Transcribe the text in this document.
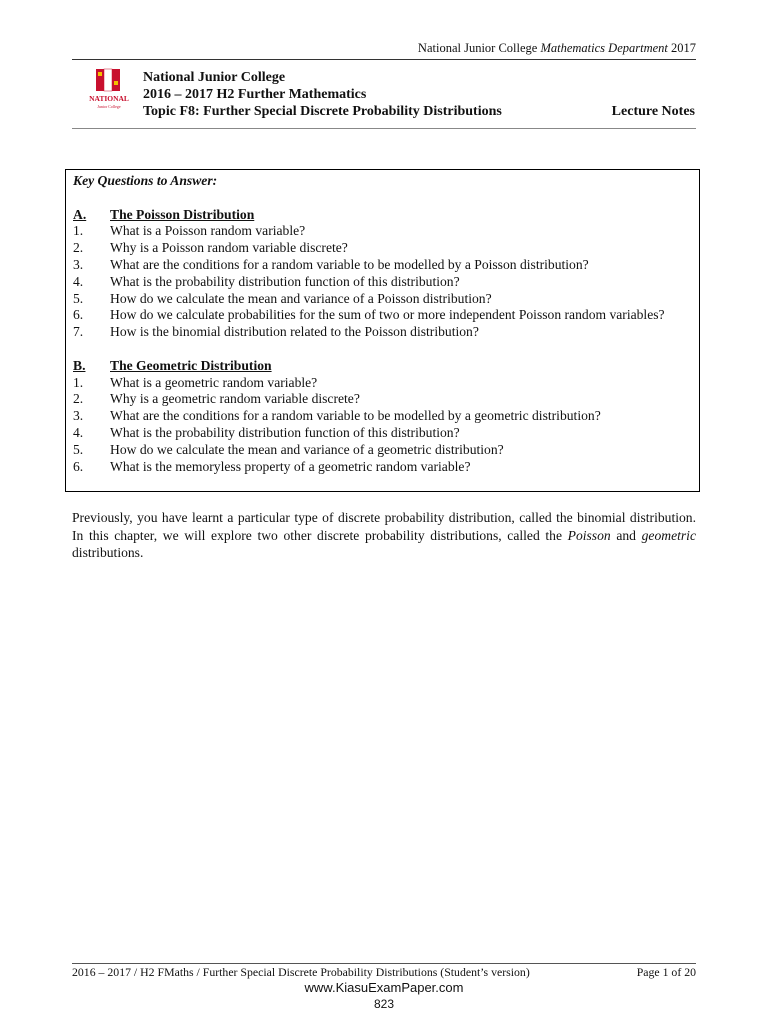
National Junior College Mathematics Department 2017
NATIONAL
Junior College
National Junior College
2016 – 2017 H2 Further Mathematics
Topic F8: Further Special Discrete Probability Distributions	Lecture Notes
Key Questions to Answer:
A.	The Poisson Distribution
1.	What is a Poisson random variable?
2.	Why is a Poisson random variable discrete?
3.	What are the conditions for a random variable to be modelled by a Poisson distribution?
4.	What is the probability distribution function of this distribution?
5.	How do we calculate the mean and variance of a Poisson distribution?
6.	How do we calculate probabilities for the sum of two or more independent Poisson random variables?
7.	How is the binomial distribution related to the Poisson distribution?
B.	The Geometric Distribution
1.	What is a geometric random variable?
2.	Why is a geometric random variable discrete?
3.	What are the conditions for a random variable to be modelled by a geometric distribution?
4.	What is the probability distribution function of this distribution?
5.	How do we calculate the mean and variance of a geometric distribution?
6.	What is the memoryless property of a geometric random variable?
Previously, you have learnt a particular type of discrete probability distribution, called the binomial distribution. In this chapter, we will explore two other discrete probability distributions, called the Poisson and geometric distributions.
2016 – 2017 / H2 FMaths / Further Special Discrete Probability Distributions (Student’s version)	Page 1 of 20
www.KiasuExamPaper.com
823
